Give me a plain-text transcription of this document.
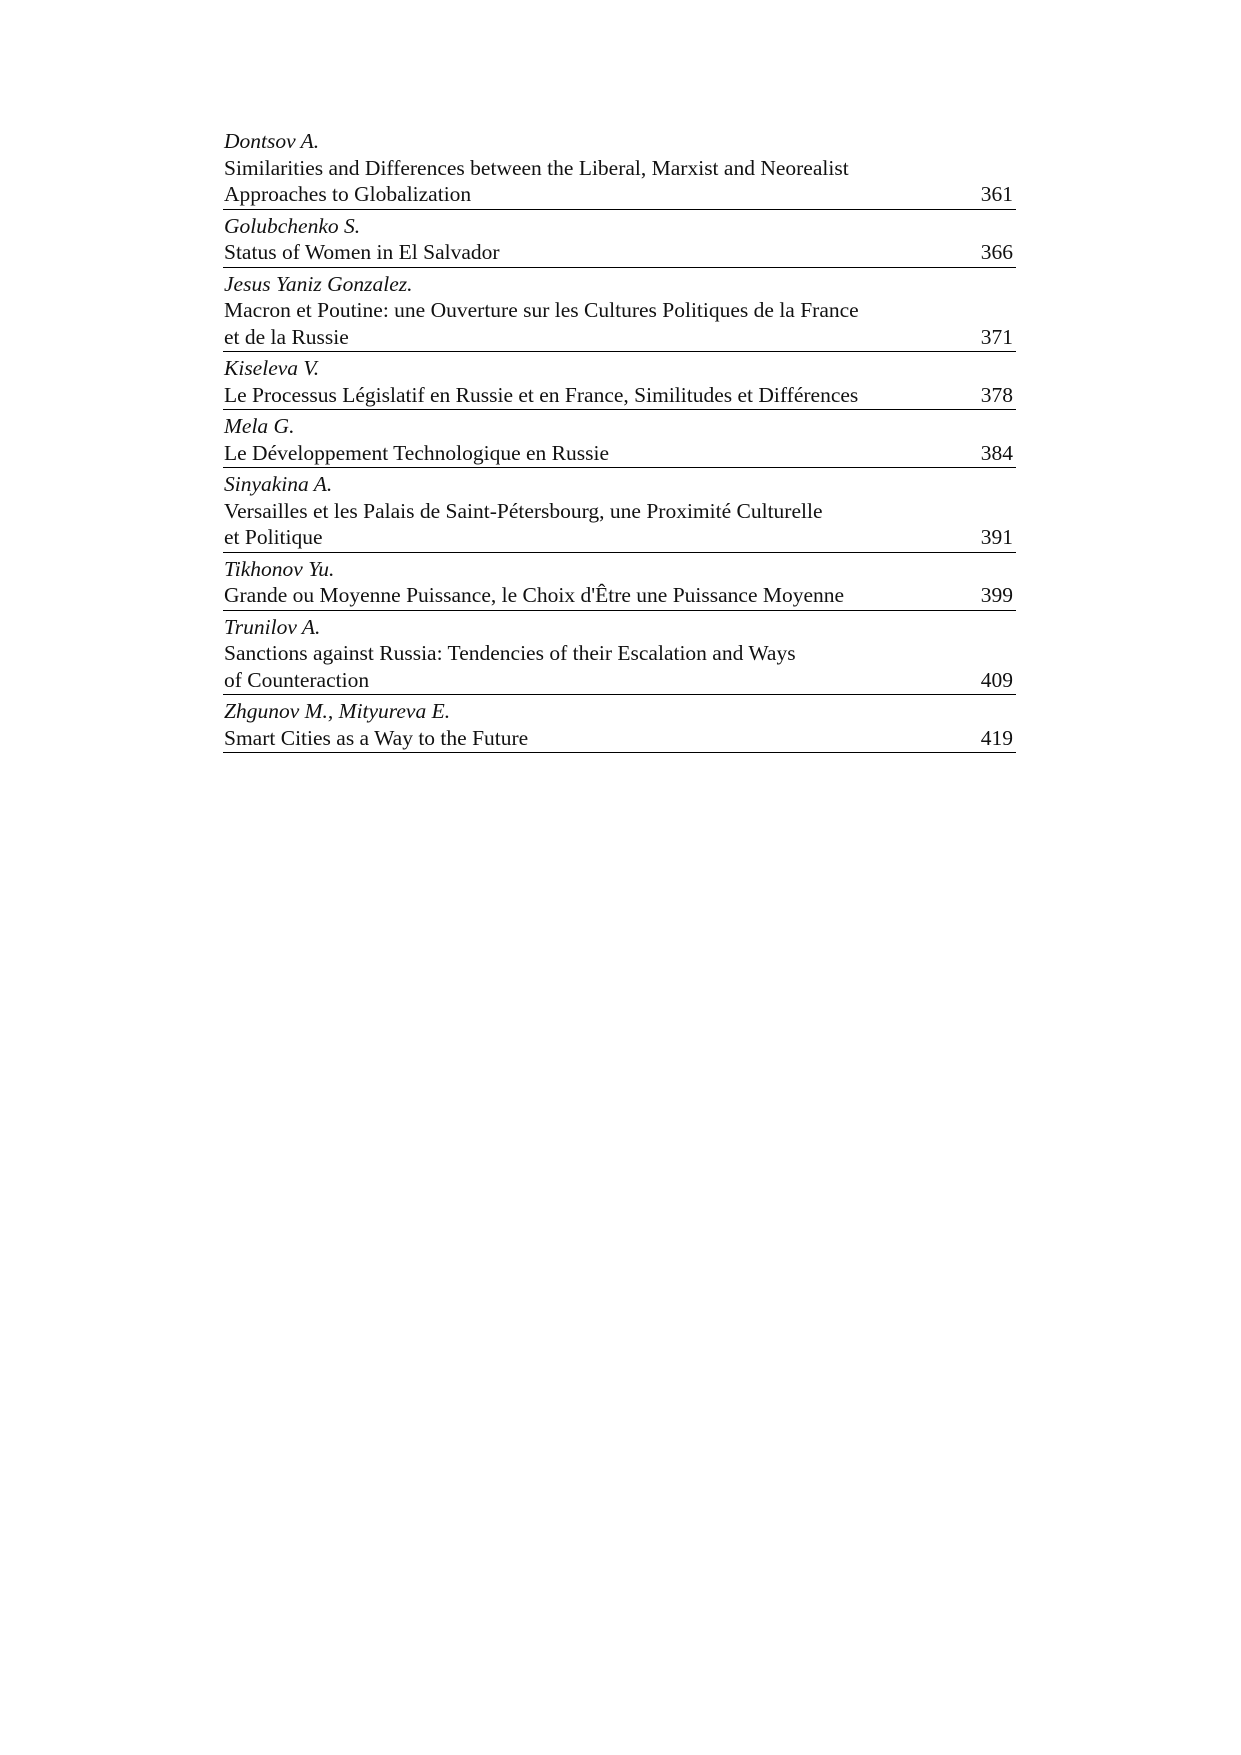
Dontsov A.
Similarities and Differences between the Liberal, Marxist and Neorealist
Approaches to Globalization	361
Golubchenko S.
Status of Women in El Salvador	366
Jesus Yaniz Gonzalez.
Macron et Poutine: une Ouverture sur les Cultures Politiques de la France
et de la Russie	371
Kiseleva V.
Le Processus Législatif en Russie et en France, Similitudes et Différences	378
Mela G.
Le Développement Technologique en Russie	384
Sinyakina A.
Versailles et les Palais de Saint-Pétersbourg, une Proximité Culturelle
et Politique	391
Tikhonov Yu.
Grande ou Moyenne Puissance, le Choix d'Être une Puissance Moyenne	399
Trunilov A.
Sanctions against Russia: Tendencies of their Escalation and Ways
of Counteraction	409
Zhgunov M., Mityureva E.
Smart Cities as a Way to the Future	419
